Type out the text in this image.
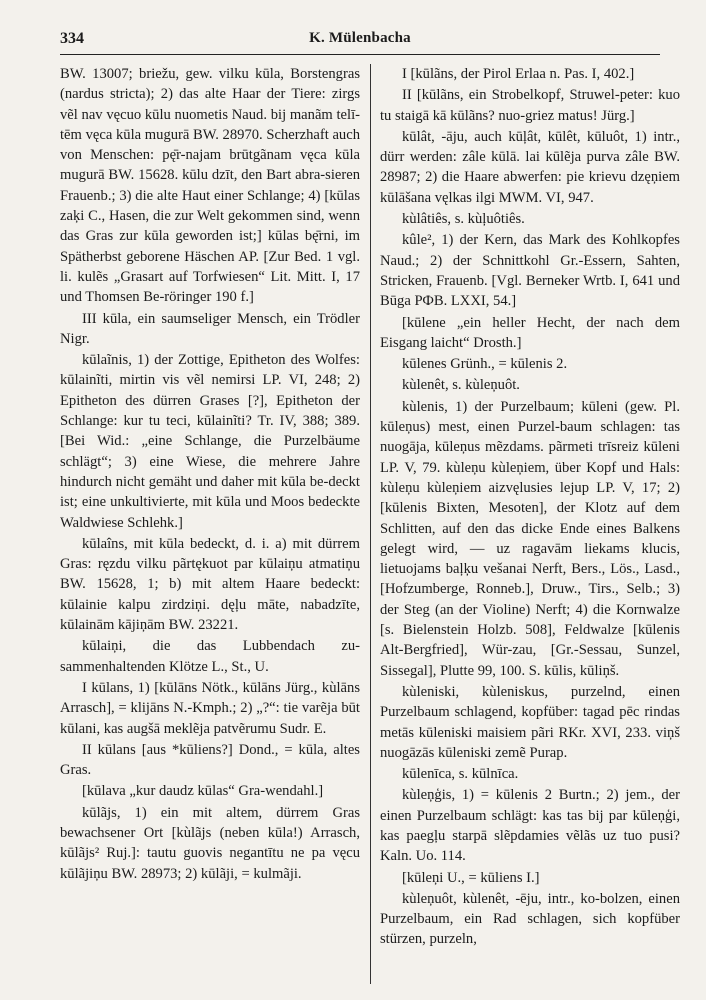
334	K. Mülenbacha

BW. 13007; briežu, gew. vilku kūla, Borstengras (nardus stricta); 2) das alte Haar der Tiere: zirgs vẽl nav vęcuo kūlu nuometis Naud. bij manãm telī-tēm vęca kūla mugurā BW. 28970. Scherzhaft auch von Menschen: pę̄r-najam brūtgãnam vęca kūla mugurā BW. 15628. kūlu dzīt, den Bart abra-sieren Frauenb.; 3) die alte Haut einer Schlange; 4) [kūlas zaķi C., Hasen, die zur Welt gekommen sind, wenn das Gras zur kūla geworden ist;] kūlas bę̄rni, im Spätherbst geborene Häschen AP. [Zur Bed. 1 vgl. li. kulẽs „Grasart auf Torfwiesen“ Lit. Mitt. I, 17 und Thomsen Be-röringer 190 f.]

III kūla, ein saumseliger Mensch, ein Trödler Nigr.

kūlaĩnis, 1) der Zottige, Epitheton des Wolfes: kūlainĩti, mirtin vis vẽl nemirsi LP. VI, 248; 2) Epitheton des dürren Grases [?], Epitheton der Schlange: kur tu teci, kūlainĩti? Tr. IV, 388; 389. [Bei Wid.: „eine Schlange, die Purzelbäume schlägt“; 3) eine Wiese, die mehrere Jahre hindurch nicht gemäht und daher mit kūla be-deckt ist; eine unkultivierte, mit kūla und Moos bedeckte Waldwiese Schlehk.]

kūlaîns, mit kūla bedeckt, d. i. a) mit dürrem Gras: ręzdu vilku pãrtękuot par kūlaiņu atmatiņu BW. 15628, 1; b) mit altem Haare bedeckt: kūlainie kalpu zirdziņi. dęļu māte, nabadzīte, kūlainām kājiņām BW. 23221.

kūlaiņi, die das Lubbendach zu-sammenhaltenden Klötze L., St., U.

I kūlans, 1) [kūlāns Nötk., kūlāns Jürg., kùlāns Arrasch], = klijāns N.-Kmph.; 2) „?“: tie varẽja būt kūlani, kas augšā meklẽja patvẽrumu Sudr. E.

II kūlans [aus *kūliens?] Dond., = kūla, altes Gras.

[kūlava „kur daudz kūlas“ Gra-wendahl.]

kūlãjs, 1) ein mit altem, dürrem Gras bewachsener Ort [kùlãjs (neben kūla!) Arrasch, kūlãjs² Ruj.]: tautu guovis negantītu ne pa vęcu kūlãjiņu BW. 28973; 2) kūlãji, = kulmãji.

I [kūlãns, der Pirol Erlaa n. Pas. I, 402.]

II [kūlãns, ein Strobelkopf, Struwel-peter: kuo tu staigā kā kūlãns? nuo-griez matus! Jürg.]

kūlât, -āju, auch kūļât, kūlêt, kūluôt, 1) intr., dürr werden: zâle kūlā. lai kūlẽja purva zâle BW. 28987; 2) die Haare abwerfen: pie krievu dzęņiem kūlāšana vęlkas ilgi MWM. VI, 947.

kùlâtiês, s. kùļuôtiês.

kûle², 1) der Kern, das Mark des Kohlkopfes Naud.; 2) der Schnittkohl Gr.-Essern, Sahten, Stricken, Frauenb. [Vgl. Berneker Wrtb. I, 641 und Būga РФВ. LXXI, 54.]

[kūlene „ein heller Hecht, der nach dem Eisgang laicht“ Drosth.]

kūlenes Grünh., = kūlenis 2.

kùlenêt, s. kùleņuôt.

kùlenis, 1) der Purzelbaum; kūleni (gew. Pl. kūleņus) mest, einen Purzel-baum schlagen: tas nuogāja, kūleņus mẽzdams. pãrmeti trīsreiz kūleni LP. V, 79. kùleņu kùleņiem, über Kopf und Hals: kùleņu kùleņiem aizvęlusies lejup LP. V, 17; 2) [kūlenis Bixten, Mesoten], der Klotz auf dem Schlitten, auf den das dicke Ende eines Balkens gelegt wird, — uz ragavām liekams klucis, lietuojams baļķu vešanai Nerft, Bers., Lös., Lasd., [Hofzumberge, Ronneb.], Druw., Tirs., Selb.; 3) der Steg (an der Violine) Nerft; 4) die Kornwalze [s. Bielenstein Holzb. 508], Feldwalze [kūlenis Alt-Bergfried], Wür-zau, [Gr.-Sessau, Sunzel, Sissegal], Plutte 99, 100. S. kūlis, kūliņš.

kùleniski, kùleniskus, purzelnd, einen Purzelbaum schlagend, kopfüber: tagad pēc rindas metās kūleniski maisiem pãri RKr. XVI, 233. viņš nuogāzās kūleniski zemẽ Purap.

kūlenīca, s. kūlnīca.

kùleņģis, 1) = kūlenis 2 Burtn.; 2) jem., der einen Purzelbaum schlägt: kas tas bij par kūleņģi, kas paegļu starpā slẽpdamies vẽlãs uz tuo pusi? Kaln. Uo. 114.

[kūleņi U., = kūliens I.]

kùleņuôt, kùlenêt, -ēju, intr., ko-bolzen, einen Purzelbaum, ein Rad schlagen, sich kopfüber stürzen, purzeln,
